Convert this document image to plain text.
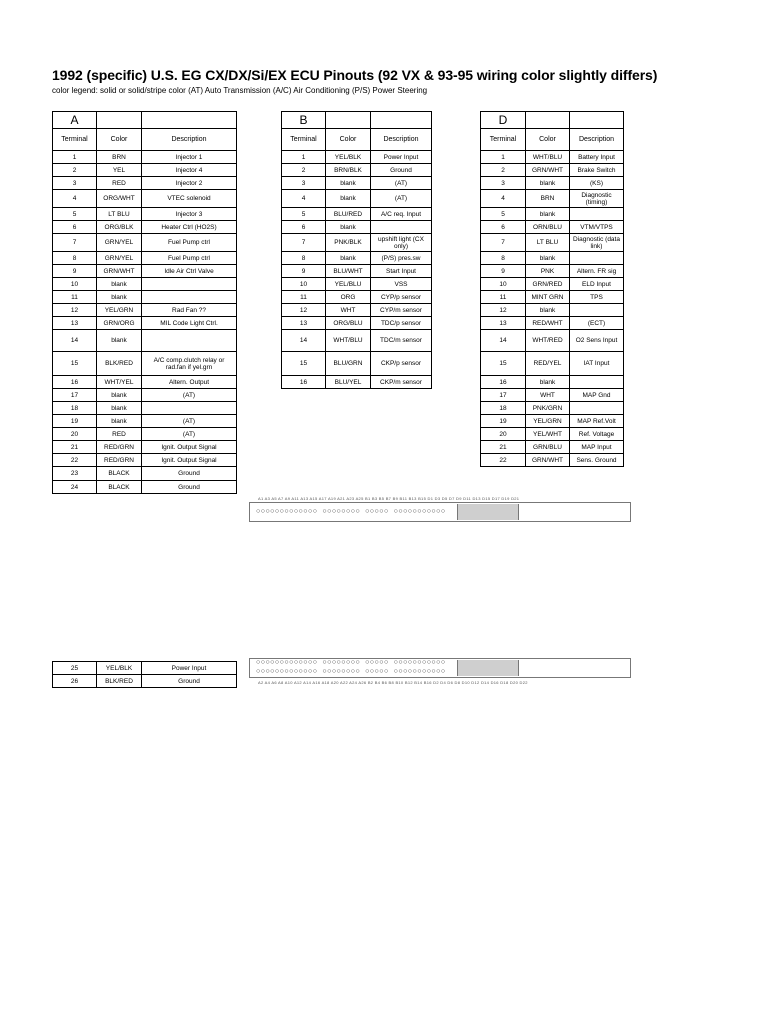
1992 (specific) U.S. EG CX/DX/Si/EX ECU Pinouts (92 VX & 93-95 wiring color slightly differs)
color legend: solid or solid/stripe color (AT) Auto Transmission (A/C) Air Conditioning (P/S) Power Steering
A		
Terminal	Color	Description
1	BRN	Injector 1
2	YEL	Injector 4
3	RED	Injector 2
4	ORG/WHT	VTEC solenoid
5	LT BLU	Injector 3
6	ORG/BLK	Heater Ctrl (HO2S)
7	GRN/YEL	Fuel Pump ctrl
8	GRN/YEL	Fuel Pump ctrl
9	GRN/WHT	Idle Air Ctrl Valve
10	blank	
11	blank	
12	YEL/GRN	Rad Fan ??
13	GRN/ORG	MIL Code Light Ctrl.
14	blank	
15	BLK/RED	A/C comp.clutch relay or rad.fan if yel.grn
16	WHT/YEL	Altern. Output
17	blank	(AT)
18	blank	
19	blank	(AT)
20	RED	(AT)
21	RED/GRN	Ignit. Output Signal
22	RED/GRN	Ignit. Output Signal
23	BLACK	Ground
24	BLACK	Ground
B		
Terminal	Color	Description
1	YEL/BLK	Power Input
2	BRN/BLK	Ground
3	blank	(AT)
4	blank	(AT)
5	BLU/RED	A/C req. Input
6	blank	
7	PNK/BLK	upshift light (CX only)
8	blank	(P/S) pres.sw
9	BLU/WHT	Start Input
10	YEL/BLU	VSS
11	ORG	CYP/p sensor
12	WHT	CYP/m sensor
13	ORG/BLU	TDC/p sensor
14	WHT/BLU	TDC/m sensor
15	BLU/GRN	CKP/p sensor
16	BLU/YEL	CKP/m sensor
D		
Terminal	Color	Description
1	WHT/BLU	Battery Input
2	GRN/WHT	Brake Switch
3	blank	(KS)
4	BRN	Diagnostic (timing)
5	blank	
6	ORN/BLU	VTM/VTPS
7	LT BLU	Diagnostic (data link)
8	blank	
9	PNK	Altern. FR sig
10	GRN/RED	ELD Input
11	MINT GRN	TPS
12	blank	
13	RED/WHT	(ECT)
14	WHT/RED	O2 Sens Input
15	RED/YEL	IAT Input
16	blank	
17	WHT	MAP Gnd
18	PNK/GRN	
19	YEL/GRN	MAP Ref.Volt
20	YEL/WHT	Ref. Voltage
21	GRN/BLU	MAP Input
22	GRN/WHT	Sens. Ground
25	YEL/BLK	Power Input
26	BLK/RED	Ground
A1 A3 A5 A7 A9 A11 A13 A15 A17 A19 A21 A23 A25 B1 B3 B5 B7 B9 B11 B13 B15 D1 D3 D5 D7 D9 D11 D13 D15 D17 D19 D21
○○○○○○○○○○○○○ ○○○○○○○○ ○○○○○ ○○○○○○○○○○○
○○○○○○○○○○○○○ ○○○○○○○○ ○○○○○ ○○○○○○○○○○○
○○○○○○○○○○○○○ ○○○○○○○○ ○○○○○ ○○○○○○○○○○○
A2 A4 A6 A8 A10 A12 A14 A16 A18 A20 A22 A24 A26 B2 B4 B6 B8 B10 B12 B14 B16 D2 D4 D6 D8 D10 D12 D14 D16 D18 D20 D22
